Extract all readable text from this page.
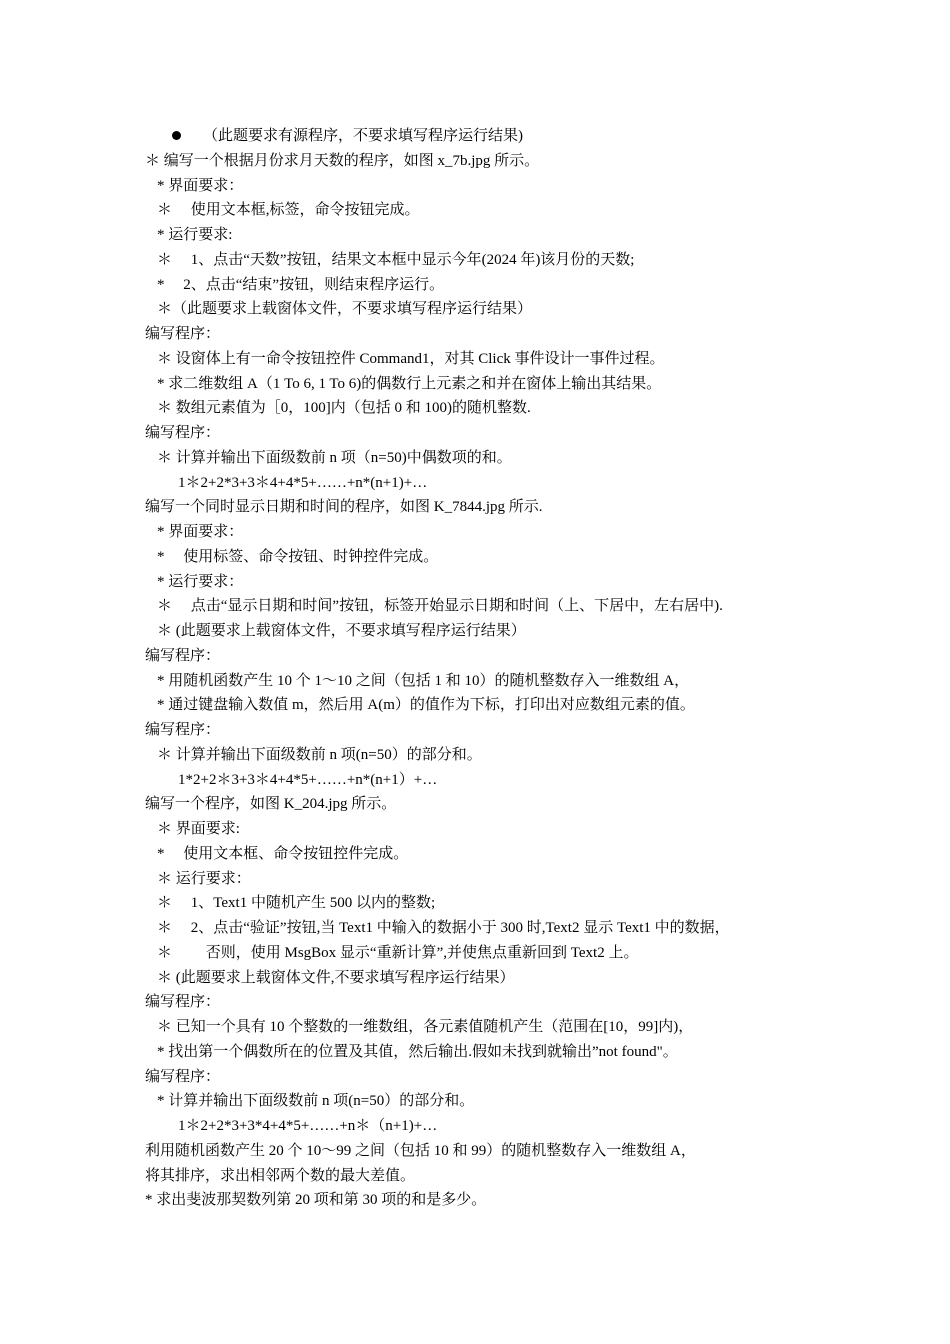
（此题要求有源程序，不要求填写程序运行结果)
＊ 编写一个根据月份求月天数的程序，如图 x_7b.jpg 所示。
* 界面要求：
＊　 使用文本框,标签，命令按钮完成。
* 运行要求:
＊　 1、点击“天数”按钮，结果文本框中显示今年(2024 年)该月份的天数;
*　 2、点击“结束”按钮，则结束程序运行。
＊（此题要求上载窗体文件，不要求填写程序运行结果）
编写程序：
＊ 设窗体上有一命令按钮控件 Command1，对其 Click 事件设计一事件过程。
* 求二维数组 A（1 To 6, 1 To 6)的偶数行上元素之和并在窗体上输出其结果。
＊ 数组元素值为［0，100]内（包括 0 和 100)的随机整数.
编写程序：
＊ 计算并输出下面级数前 n 项（n=50)中偶数项的和。
1＊2+2*3+3＊4+4*5+……+n*(n+1)+…
编写一个同时显示日期和时间的程序，如图 K_7844.jpg 所示.
* 界面要求：
*　 使用标签、命令按钮、时钟控件完成。
* 运行要求：
＊　 点击“显示日期和时间”按钮，标签开始显示日期和时间（上、下居中，左右居中).
＊ (此题要求上载窗体文件，不要求填写程序运行结果）
编写程序：
* 用随机函数产生 10 个 1～10 之间（包括 1 和 10）的随机整数存入一维数组 A，
* 通过键盘输入数值 m，然后用 A(m）的值作为下标，打印出对应数组元素的值。
编写程序：
＊ 计算并输出下面级数前 n 项(n=50）的部分和。
1*2+2＊3+3＊4+4*5+……+n*(n+1）+…
编写一个程序，如图 K_204.jpg 所示。
＊ 界面要求:
*　 使用文本框、命令按钮控件完成。
＊ 运行要求：
＊　 1、Text1 中随机产生 500 以内的整数;
＊　 2、点击“验证”按钮,当 Text1 中输入的数据小于 300 时,Text2 显示 Text1 中的数据，
＊　　 否则，使用 MsgBox 显示“重新计算”,并使焦点重新回到 Text2 上。
＊ (此题要求上载窗体文件,不要求填写程序运行结果）
编写程序：
＊ 已知一个具有 10 个整数的一维数组，各元素值随机产生（范围在[10，99]内)，
* 找出第一个偶数所在的位置及其值，然后输出.假如未找到就输出”not found"。
编写程序：
* 计算并输出下面级数前 n 项(n=50）的部分和。
1＊2+2*3+3*4+4*5+……+n＊（n+1)+…
利用随机函数产生 20 个 10～99 之间（包括 10 和 99）的随机整数存入一维数组 A，
将其排序，求出相邻两个数的最大差值。
* 求出斐波那契数列第 20 项和第 30 项的和是多少。
